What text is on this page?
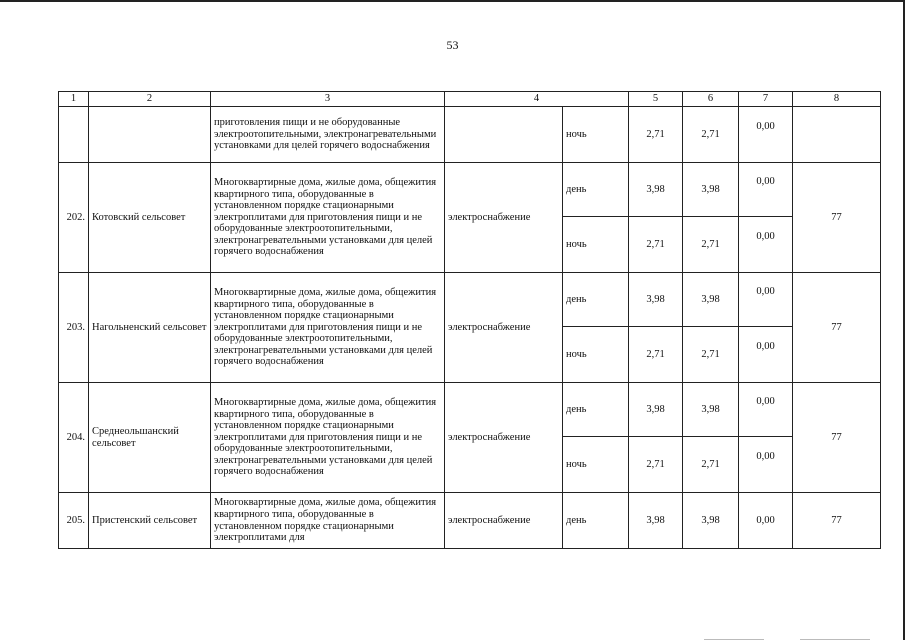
53
1	2	3	4		5	6	7	8
		приготовления пищи и не оборудованные электроотопительными, электронагревательными установками для целей горячего водоснабжения		ночь	2,71	2,71	0,00	

202.	Котовский сельсовет	Многоквартирные дома, жилые дома, общежития квартирного типа, оборудованные в установленном порядке стационарными электроплитами для приготовления пищи и не оборудованные электроотопительными, электронагревательными установками для целей горячего водоснабжения	электроснабжение	день	3,98	3,98	0,00	77
				ночь	2,71	2,71	0,00	

203.	Нагольненский сельсовет	Многоквартирные дома, жилые дома, общежития квартирного типа, оборудованные в установленном порядке стационарными электроплитами для приготовления пищи и не оборудованные электроотопительными, электронагревательными установками для целей горячего водоснабжения	электроснабжение	день	3,98	3,98	0,00	77
				ночь	2,71	2,71	0,00	

204.	Среднеольшанский сельсовет	Многоквартирные дома, жилые дома, общежития квартирного типа, оборудованные в установленном порядке стационарными электроплитами для приготовления пищи и не оборудованные электроотопительными, электронагревательными установками для целей горячего водоснабжения	электроснабжение	день	3,98	3,98	0,00	77
				ночь	2,71	2,71	0,00	

205.	Пристенский сельсовет	Многоквартирные дома, жилые дома, общежития квартирного типа, оборудованные в установленном порядке стационарными электроплитами для	электроснабжение	день	3,98	3,98	0,00	77
